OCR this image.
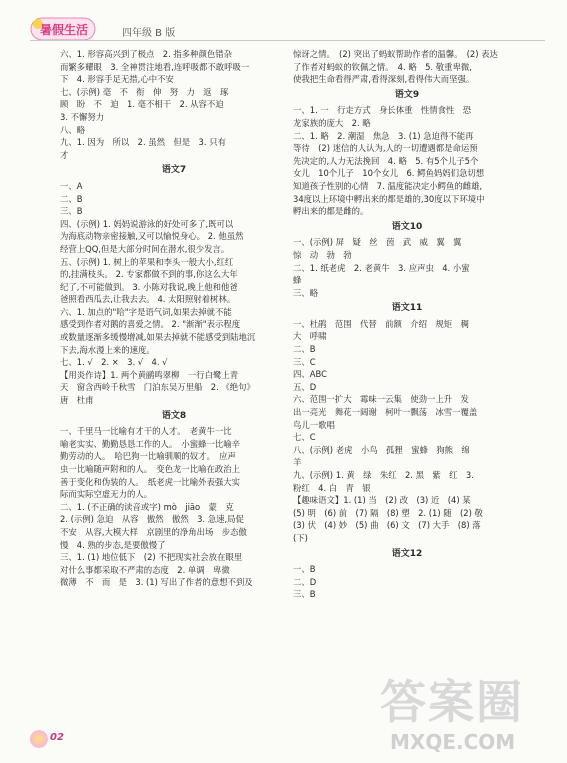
暑假生活	四年级 B 版

六、1. 形容高兴到了极点　2. 指多种颜色错杂

而繁多耀眼　3. 全神贯注地看,连呼吸都不敢呼吸一

下　4. 形容手足无措,心中不安

七、(示例) 毫　不　衔　伸　努　力　返　琢

顾　盼　不　迫　1. 毫不相干　2. 从容不迫

3. 不懈努力

八、略

九、1. 因为　所以　2. 虽然　但是　3. 只有

才

语文7

一、A

二、B

三、B

四、(示例) 1. 妈妈说游泳的好处可多了,既可以

为海底动物亲密接触,又可以愉悦身心。 2. 他虽然

经营上QQ,但是大部分时间在潜水,很少发言。

五、(示例) 1. 树上的苹果和李头一般大小,红红

的,挂满枝头。 2. 专家都做不到的事,你这么大年

纪了,不可能做到。 3. 小陈对我说,晚上他和他爸

爸照看西瓜去,让我去去。 4. 太阳照射着树林。

六、1. 加点的"哈"字是语气词,如果去掉就不能

感受到作者对鹅的喜爱之情。 2. "渐渐"表示程度

或数量逐渐多缓慢增减,如果去掉就不能感受到陆地沉

下去,海水漫上来的速度。

七、1. √　2. ×　3. √　4. √

【用炎作诗】1. 两个黄鹂鸣翠柳　一行白鹭上青

天　窗含西岭千秋雪　门泊东吴万里船　2. 《绝句》

唐　杜甫

语文8

一、千里马一比喻有才干的人才。　老黄牛一比

喻老实实、勤勤恳恳工作的人。　小蜜蜂一比喻辛

勤劳动的人。　哈巴狗一比喻驯顺的奴才。　应声

虫一比喻随声附和的人。　变色龙一比喻在政治上

善于变化和伪装的人。　纸老虎一比喻外表强大实

际而实际空虚无力的人。

二、1. (不正确的读音或字) mò　jiāo　蒙　克

2. (示例) 急迫　从容　傲然　傲然　3. 急速,局促

不安　从容,大模大样　京剧里的净角出场　步态傲

慢　4. 熟的步态,是要傲慢了

三、1. (1) 地位低下　(2) 不把现实社会放在眼里

对什么事都采取不严肃的态度　2. 单调　卑微

微薄　不　而　是　3. (1) 写出了作者的意想不到及

惊讶之情。　(2) 突出了蚂蚁帮助作者的温馨。　(2) 表达

了作者对蚂蚁的钦佩之情。　4. 略　5. 敬重卑微,

使我把生命看得严肃,看得深刻,看得伟大而坚强。

语文9

一、1. 一　行走方式　身长体重　性情食性　恐

龙家族的庞大　2. 略

二、1. 略　2. 潮湿　焦急　3. (1) 急迫得不能再

等待　(2) 迷信的人认为,人的一切遭遇都是命运预

先决定的,人力无法挽回　4. 略　5. 有5个儿子5个

女儿　10个儿子　10个女儿　6. 鳄鱼妈妈们急切想

知道孩子性别的心情　7. 温度能决定小鳄鱼的雌雄,

34度以上环境中孵出来的都是雄的,30度以下环境中

孵出来的都是雌的。

语文10

一、(示例) 屏　疑　丝　茵　武　威　翼　翼

惊　动　勃　勃

二、1. 纸老虎　2. 老黄牛　3. 应声虫　4. 小蜜

蜂

三、略

语文11

一、杜鹃　范围　代替　前额　介绍　规矩　稠

大　呼啸

二、B

三、C

四、ABC

五、D

六、范围一扩大　霉味一云集　使劲一上升　发

出一亮光　舞花一阔谢　柯叶一飘荡　冰雪一覆盖

鸟儿一歌唱

七、C

八、(示例) 老虎　小鸟　孤狸　蜜蜂　狗熊　绵

羊

九、(示例) 1. 黄　绿　朱红　2. 黑　紫　红　3.

粉红　4. 白　青　银

【趣味语文】1. (1) 当　(2) 改　(3) 近　(4) 某

(5) 明　(6) 前　(7) 隔　(8) 塑　2. (1) 随　(2) 敬

(3) 伏　(4) 妙　(5) 曲　(6) 文　(7) 大手　(8) 落

(下)

语文12

一、B

二、D

三、B

02
答案圈
MXQE.COM
